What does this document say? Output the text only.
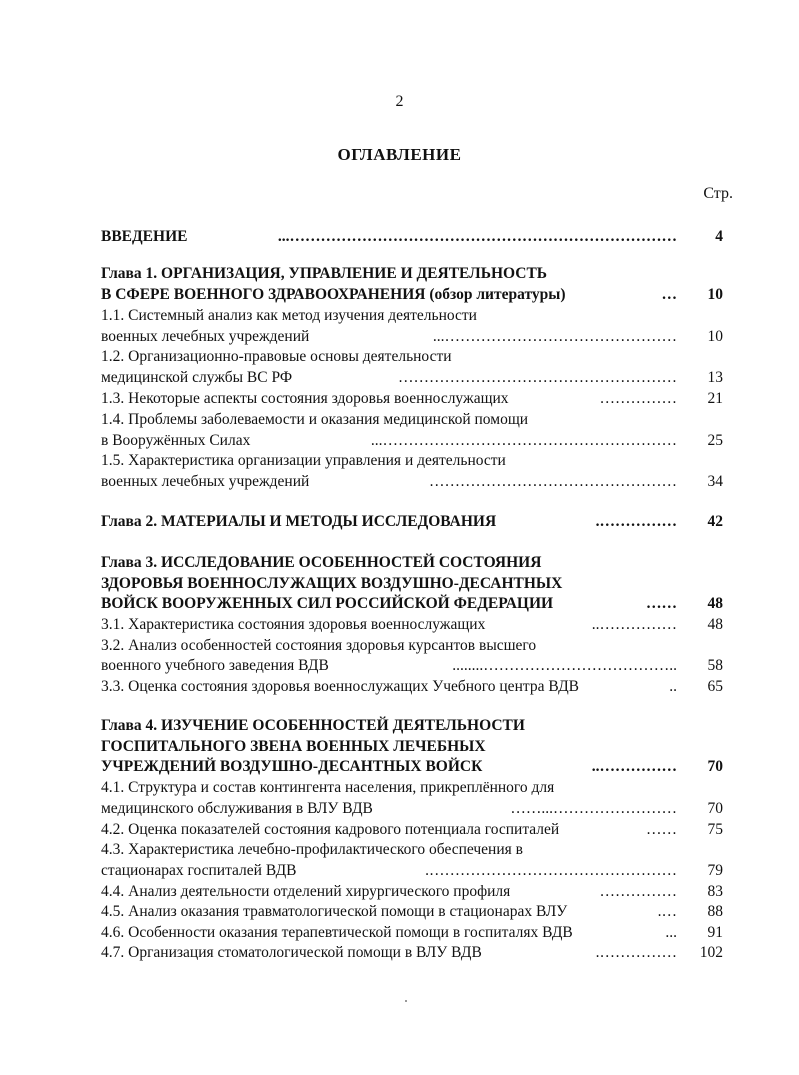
2
ОГЛАВЛЕНИЕ
Стр.
ВВЕДЕНИЕ	…………………………………………………………………...	4
Глава 1. ОРГАНИЗАЦИЯ, УПРАВЛЕНИЕ И ДЕЯТЕЛЬНОСТЬ
В СФЕРЕ ВОЕННОГО ЗДРАВООХРАНЕНИЯ (обзор литературы)	…	10
1.1. Системный анализ как метод изучения деятельности
военных лечебных учреждений	………………………………………...	10
1.2. Организационно-правовые основы деятельности
медицинской службы ВС РФ	………………………………………………	13
1.3. Некоторые аспекты состояния здоровья военнослужащих	……………	21
1.4. Проблемы заболеваемости и оказания медицинской помощи
в Вооружённых Силах	…………………………………………………...	25
1.5. Характеристика организации управления и деятельности
военных лечебных учреждений	…………………………………………	34
Глава 2. МАТЕРИАЛЫ И МЕТОДЫ ИССЛЕДОВАНИЯ	…………….	42
Глава 3. ИССЛЕДОВАНИЕ ОСОБЕННОСТЕЙ СОСТОЯНИЯ
ЗДОРОВЬЯ ВОЕННОСЛУЖАЩИХ ВОЗДУШНО-ДЕСАНТНЫХ
ВОЙСК ВООРУЖЕННЫХ СИЛ РОССИЙСКОЙ ФЕДЕРАЦИИ	……	48
3.1. Характеристика состояния здоровья военнослужащих	……………..	48
3.2. Анализ особенностей состояния здоровья курсантов высшего
военного учебного заведения ВДВ	..………………………………........	58
3.3. Оценка состояния здоровья военнослужащих Учебного центра ВДВ	..	65
Глава 4. ИЗУЧЕНИЕ ОСОБЕННОСТЕЙ ДЕЯТЕЛЬНОСТИ
ГОСПИТАЛЬНОГО ЗВЕНА ВОЕННЫХ ЛЕЧЕБНЫХ
УЧРЕЖДЕНИЙ ВОЗДУШНО-ДЕСАНТНЫХ ВОЙСК	……………..	70
4.1. Структура и состав контингента населения, прикреплённого для
медицинского обслуживания в ВЛУ ВДВ	……………………...……	70
4.2. Оценка показателей состояния кадрового потенциала госпиталей	……	75
4.3. Характеристика лечебно-профилактического обеспечения в
стационарах госпиталей ВДВ	………………………………………….	79
4.4. Анализ деятельности отделений хирургического профиля	……………	83
4.5. Анализ оказания травматологической помощи в стационарах ВЛУ	….	88
4.6. Особенности оказания терапевтической помощи в госпиталях ВДВ	...	91
4.7. Организация стоматологической помощи в ВЛУ ВДВ	…………….	102
